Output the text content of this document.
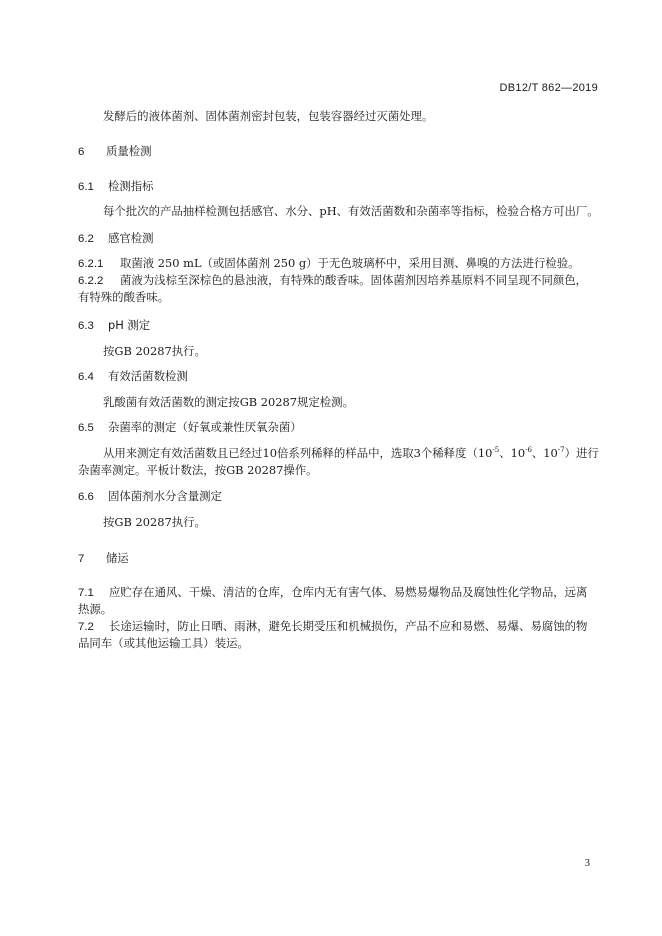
DB12/T 862—2019
发酵后的液体菌剂、固体菌剂密封包装，包装容器经过灭菌处理。
6 质量检测
6.1 检测指标
每个批次的产品抽样检测包括感官、水分、pH、有效活菌数和杂菌率等指标，检验合格方可出厂。
6.2 感官检测
6.2.1 取菌液 250 mL（或固体菌剂 250 g）于无色玻璃杯中，采用目测、鼻嗅的方法进行检验。
6.2.2 菌液为浅棕至深棕色的悬浊液，有特殊的酸香味。固体菌剂因培养基原料不同呈现不同颜色，
有特殊的酸香味。
6.3 pH 测定
按GB 20287执行。
6.4 有效活菌数检测
乳酸菌有效活菌数的测定按GB 20287规定检测。
6.5 杂菌率的测定（好氧或兼性厌氧杂菌）
从用来测定有效活菌数且已经过10倍系列稀释的样品中，选取3个稀释度（$10^{-5}$、$10^{-6}$、$10^{-7}$）进行
杂菌率测定。平板计数法，按GB 20287操作。
6.6 固体菌剂水分含量测定
按GB 20287执行。
7 储运
7.1 应贮存在通风、干燥、清洁的仓库，仓库内无有害气体、易燃易爆物品及腐蚀性化学物品，远离
热源。
7.2 长途运输时，防止日晒、雨淋，避免长期受压和机械损伤，产品不应和易燃、易爆、易腐蚀的物
品同车（或其他运输工具）装运。
3
